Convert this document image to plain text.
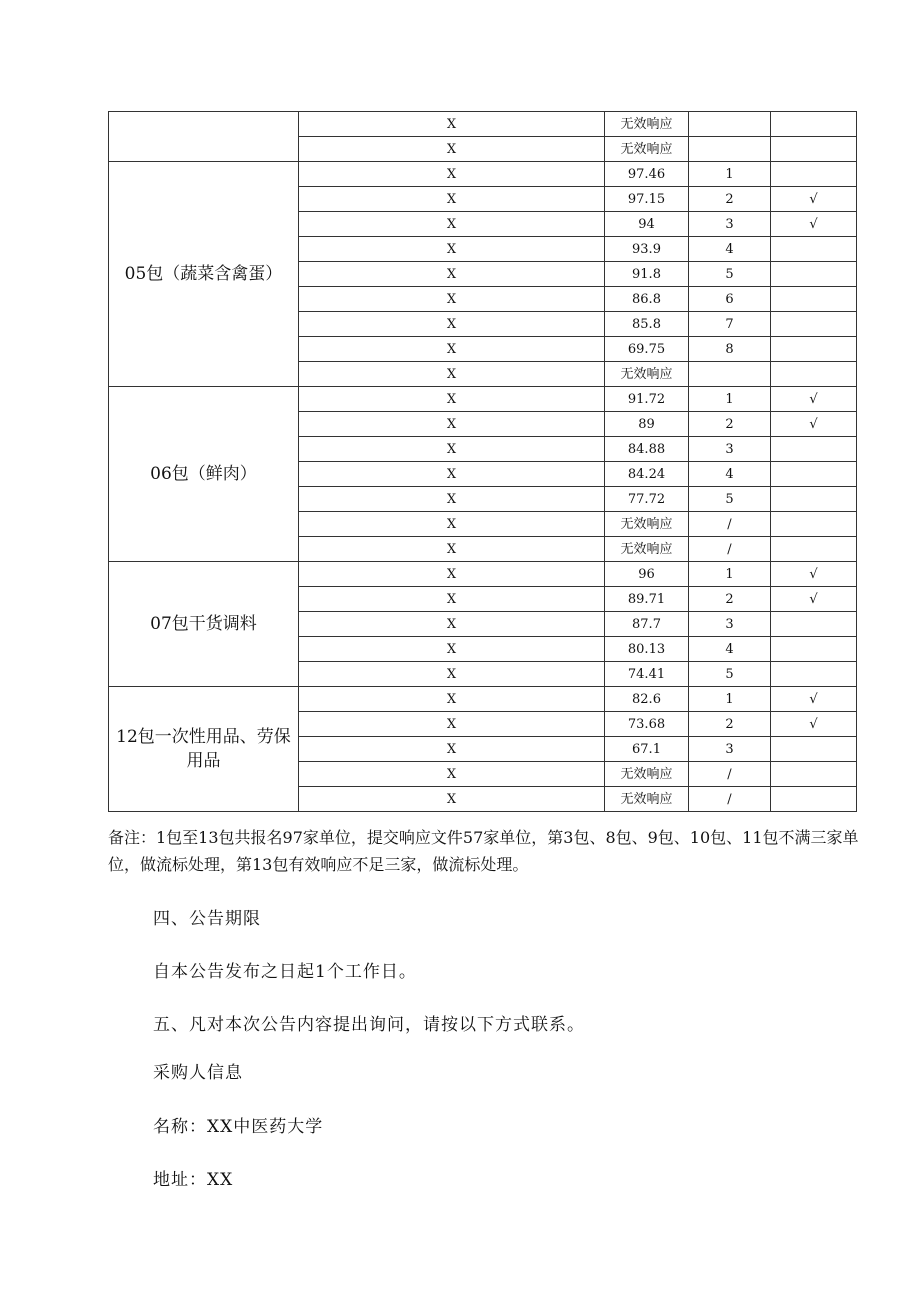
	X	无效响应		
	X	无效响应		
05包（蔬菜含禽蛋）	X	97.46	1	
	X	97.15	2	√
	X	94	3	√
	X	93.9	4	
	X	91.8	5	
	X	86.8	6	
	X	85.8	7	
	X	69.75	8	
	X	无效响应		
06包（鲜肉）	X	91.72	1	√
	X	89	2	√
	X	84.88	3	
	X	84.24	4	
	X	77.72	5	
	X	无效响应	/	
	X	无效响应	/	
07包干货调料	X	96	1	√
	X	89.71	2	√
	X	87.7	3	
	X	80.13	4	
	X	74.41	5	
12包一次性用品、劳保用品	X	82.6	1	√
	X	73.68	2	√
	X	67.1	3	
	X	无效响应	/	
	X	无效响应	/	

备注：1包至13包共报名97家单位，提交响应文件57家单位，第3包、8包、9包、10包、11包不满三家单位，做流标处理，第13包有效响应不足三家，做流标处理。

四、公告期限

自本公告发布之日起1个工作日。

五、凡对本次公告内容提出询问，请按以下方式联系。

采购人信息

名称：XX中医药大学

地址：XX
